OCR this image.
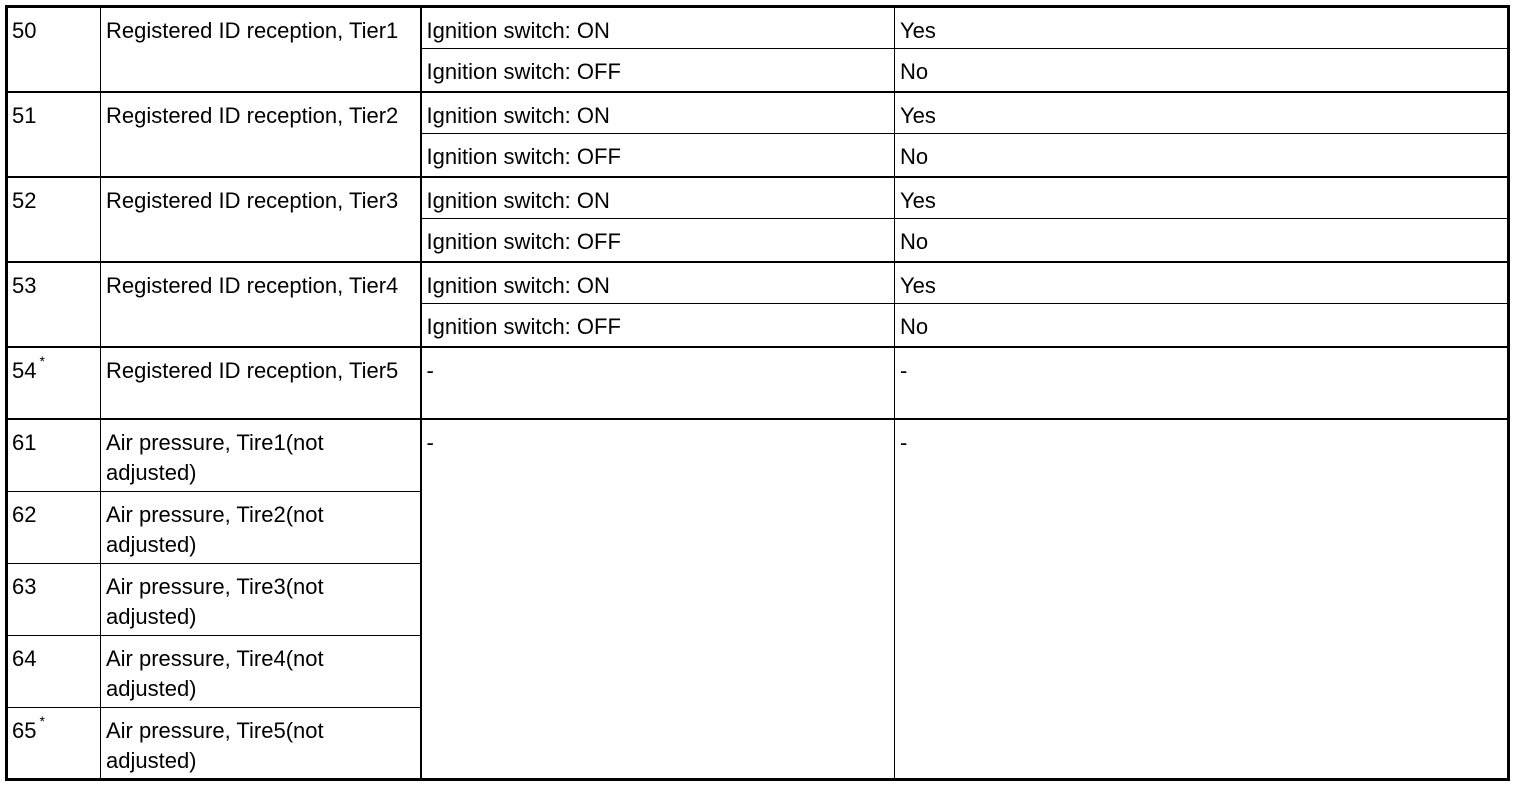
50	Registered ID reception, Tier1	Ignition switch: ON	Yes
		Ignition switch: OFF	No
51	Registered ID reception, Tier2	Ignition switch: ON	Yes
		Ignition switch: OFF	No
52	Registered ID reception, Tier3	Ignition switch: ON	Yes
		Ignition switch: OFF	No
53	Registered ID reception, Tier4	Ignition switch: ON	Yes
		Ignition switch: OFF	No
54 *	Registered ID reception, Tier5	-	-
61	Air pressure, Tire1(not adjusted)	-	-
62	Air pressure, Tire2(not adjusted)		
63	Air pressure, Tire3(not adjusted)		
64	Air pressure, Tire4(not adjusted)		
65 *	Air pressure, Tire5(not adjusted)		
